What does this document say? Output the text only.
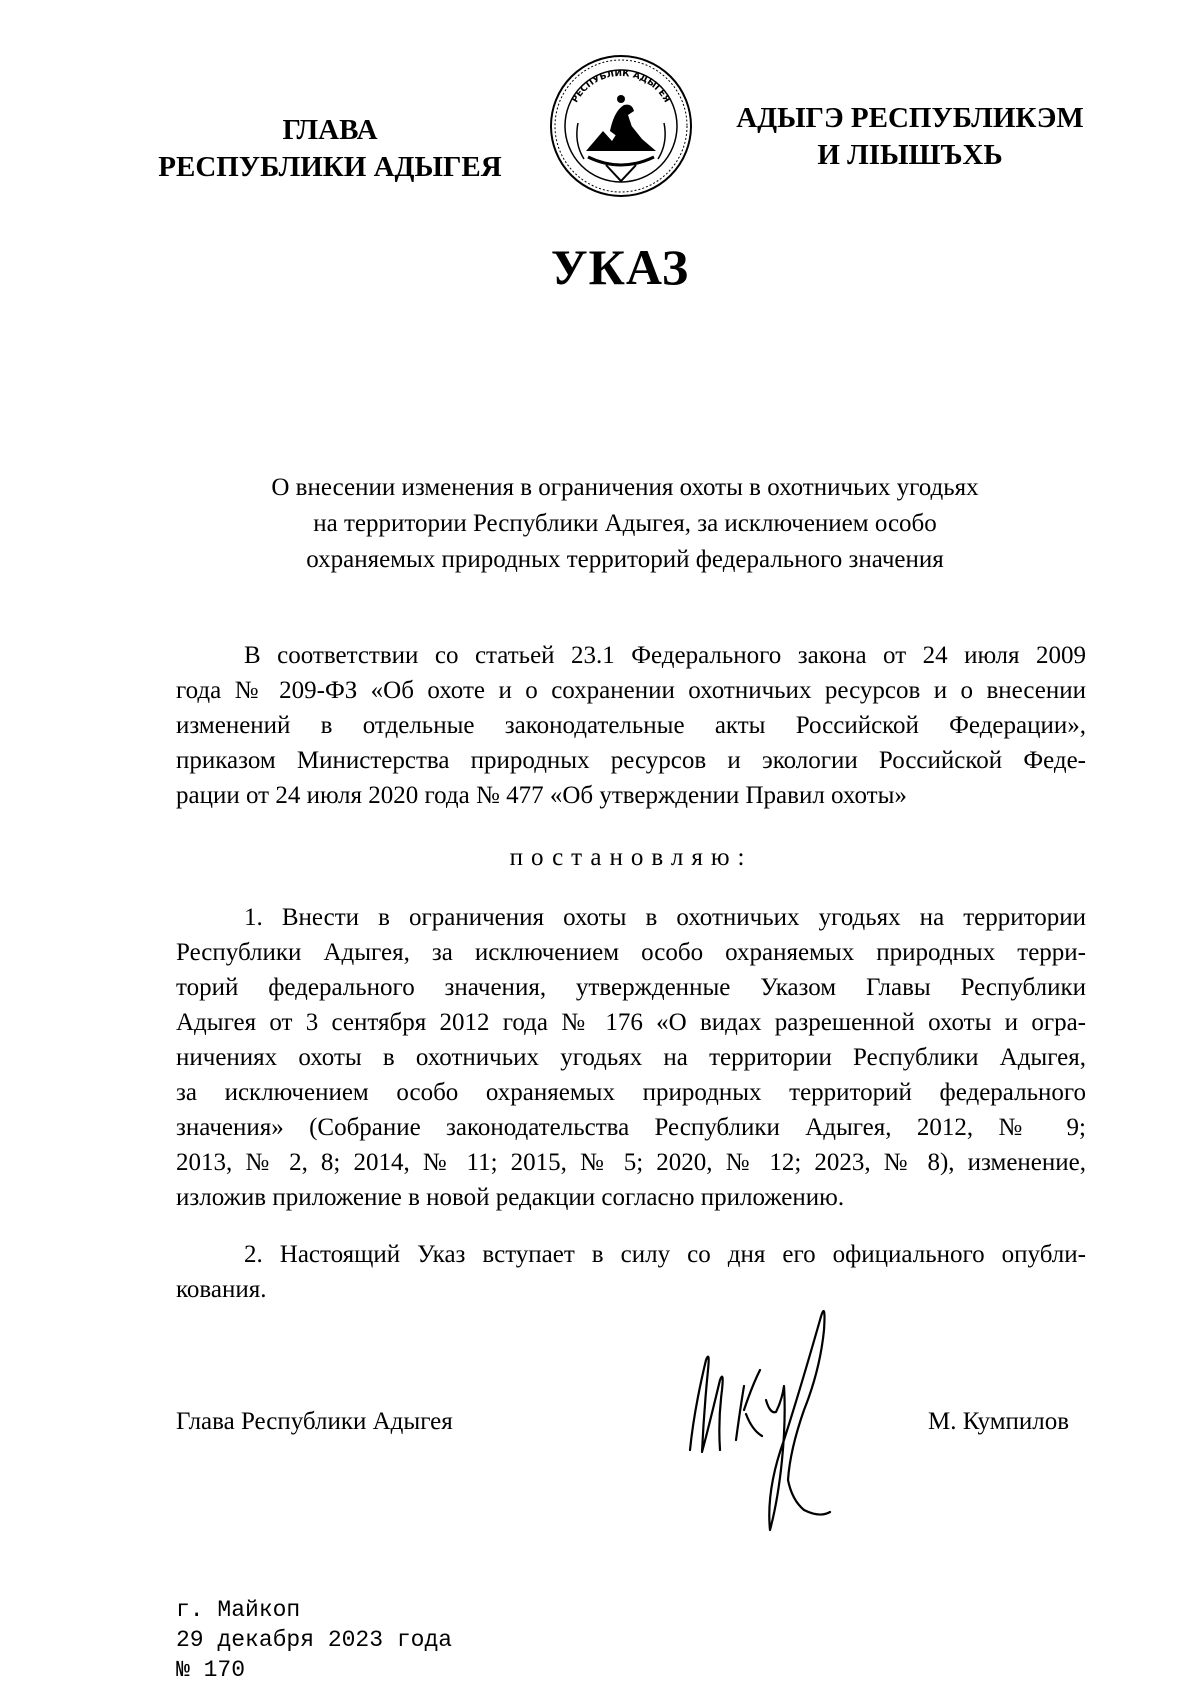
ГЛАВА
РЕСПУБЛИКИ АДЫГЕЯ
РЕСПУБЛИК АДЫГЕЯ
АДЫГЭ РЕСПУБЛИКЭМ
И ЛІЫШЪХЬ
УКАЗ
О внесении изменения в ограничения охоты в охотничьих угодьях
на территории Республики Адыгея, за исключением особо
охраняемых природных территорий федерального значения
В соответствии со статьей 23.1 Федерального закона от 24 июля 2009
года № 209-ФЗ «Об охоте и о сохранении охотничьих ресурсов и о внесении
изменений в отдельные законодательные акты Российской Федерации»,
приказом Министерства природных ресурсов и экологии Российской Феде-
рации от 24 июля 2020 года № 477 «Об утверждении Правил охоты»
постановляю:
1. Внести в ограничения охоты в охотничьих угодьях на территории
Республики Адыгея, за исключением особо охраняемых природных терри-
торий федерального значения, утвержденные Указом Главы Республики
Адыгея от 3 сентября 2012 года № 176 «О видах разрешенной охоты и огра-
ничениях охоты в охотничьих угодьях на территории Республики Адыгея,
за исключением особо охраняемых природных территорий федерального
значения» (Собрание законодательства Республики Адыгея, 2012, № 9;
2013, № 2, 8; 2014, № 11; 2015, № 5; 2020, № 12; 2023, № 8), изменение,
изложив приложение в новой редакции согласно приложению.
2. Настоящий Указ вступает в силу со дня его официального опубли-
кования.
Глава Республики Адыгея	М. Кумпилов
г. Майкоп
29 декабря 2023 года
№ 170
